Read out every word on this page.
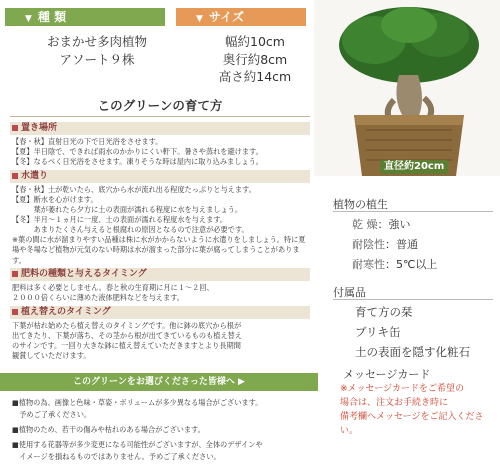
▼ 種 類
おまかせ多肉植物
アソート９株
▼ サイズ
幅約10cm
奥行約8cm
高さ約14cm
直径約20cm
このグリーンの育て方
置き場所
【春・秋】直射日光の下で日光浴をさせます。
【夏】半日陰で、できれば雨水のかかりにくい軒下。暑さや蒸れを避けます。
【冬】なるべく日光浴をさせます。凍りそうな時は屋内に取り込みましょう。
水遣り
【春・秋】土が乾いたら、底穴から水が流れ出る程度たっぷりと与えます。
【夏】断水を心がけます。
　　　葉が萎れたら夕方に土の表面が濡れる程度に水を与えましょう。
【冬】半月〜１ヵ月に一度、土の表面が濡れる程度水を与えます。
　　　あまりたくさん与えると根腐れの原因となるので注意が必要です。
※葉の間に水が溜まりやすい品種は株に水がかからないように水遣りをしましょう。特に夏場や冬場など植物が元気のない時期は水が溜まった部分に葉が腐ってしまうことがあります。
肥料の種類と与えるタイミング
肥料は多く必要としません。春と秋の生育期に月に１〜２回、
２０００倍くらいに薄めた液体肥料などを与えます。
植え替えのタイミング
下葉が枯れ始めたら植え替えのタイミングです。他に鉢の底穴から根が
出てきたり、下葉が落ち、その茎から根が出てきているものも植え替え
のサインです。一回り大きな鉢に植え替えていただきますとより長期間
観賞していただけます。
植物の植生
乾 燥：強い
耐陰性：普通
耐寒性：5℃以上
付属品
育て方の栞
ブリキ缶
土の表面を隠す化粧石
メッセージカード
※メッセージカードをご希望の
場合は、注文お手続き時に
備考欄へメッセージをご記入ください。
このグリーンをお選びくださった皆様へ ▶
■植物の為、画像と色味・草姿・ボリュームが多少異なる場合がございます。
　予めご了承ください。
■植物のため、若干の傷みや枯れのある場合がございます。
■使用する花器等が多少変更になる可能性がございますが、全体のデザインや
　イメージを損ねるものではありません。予めご了承ください。
